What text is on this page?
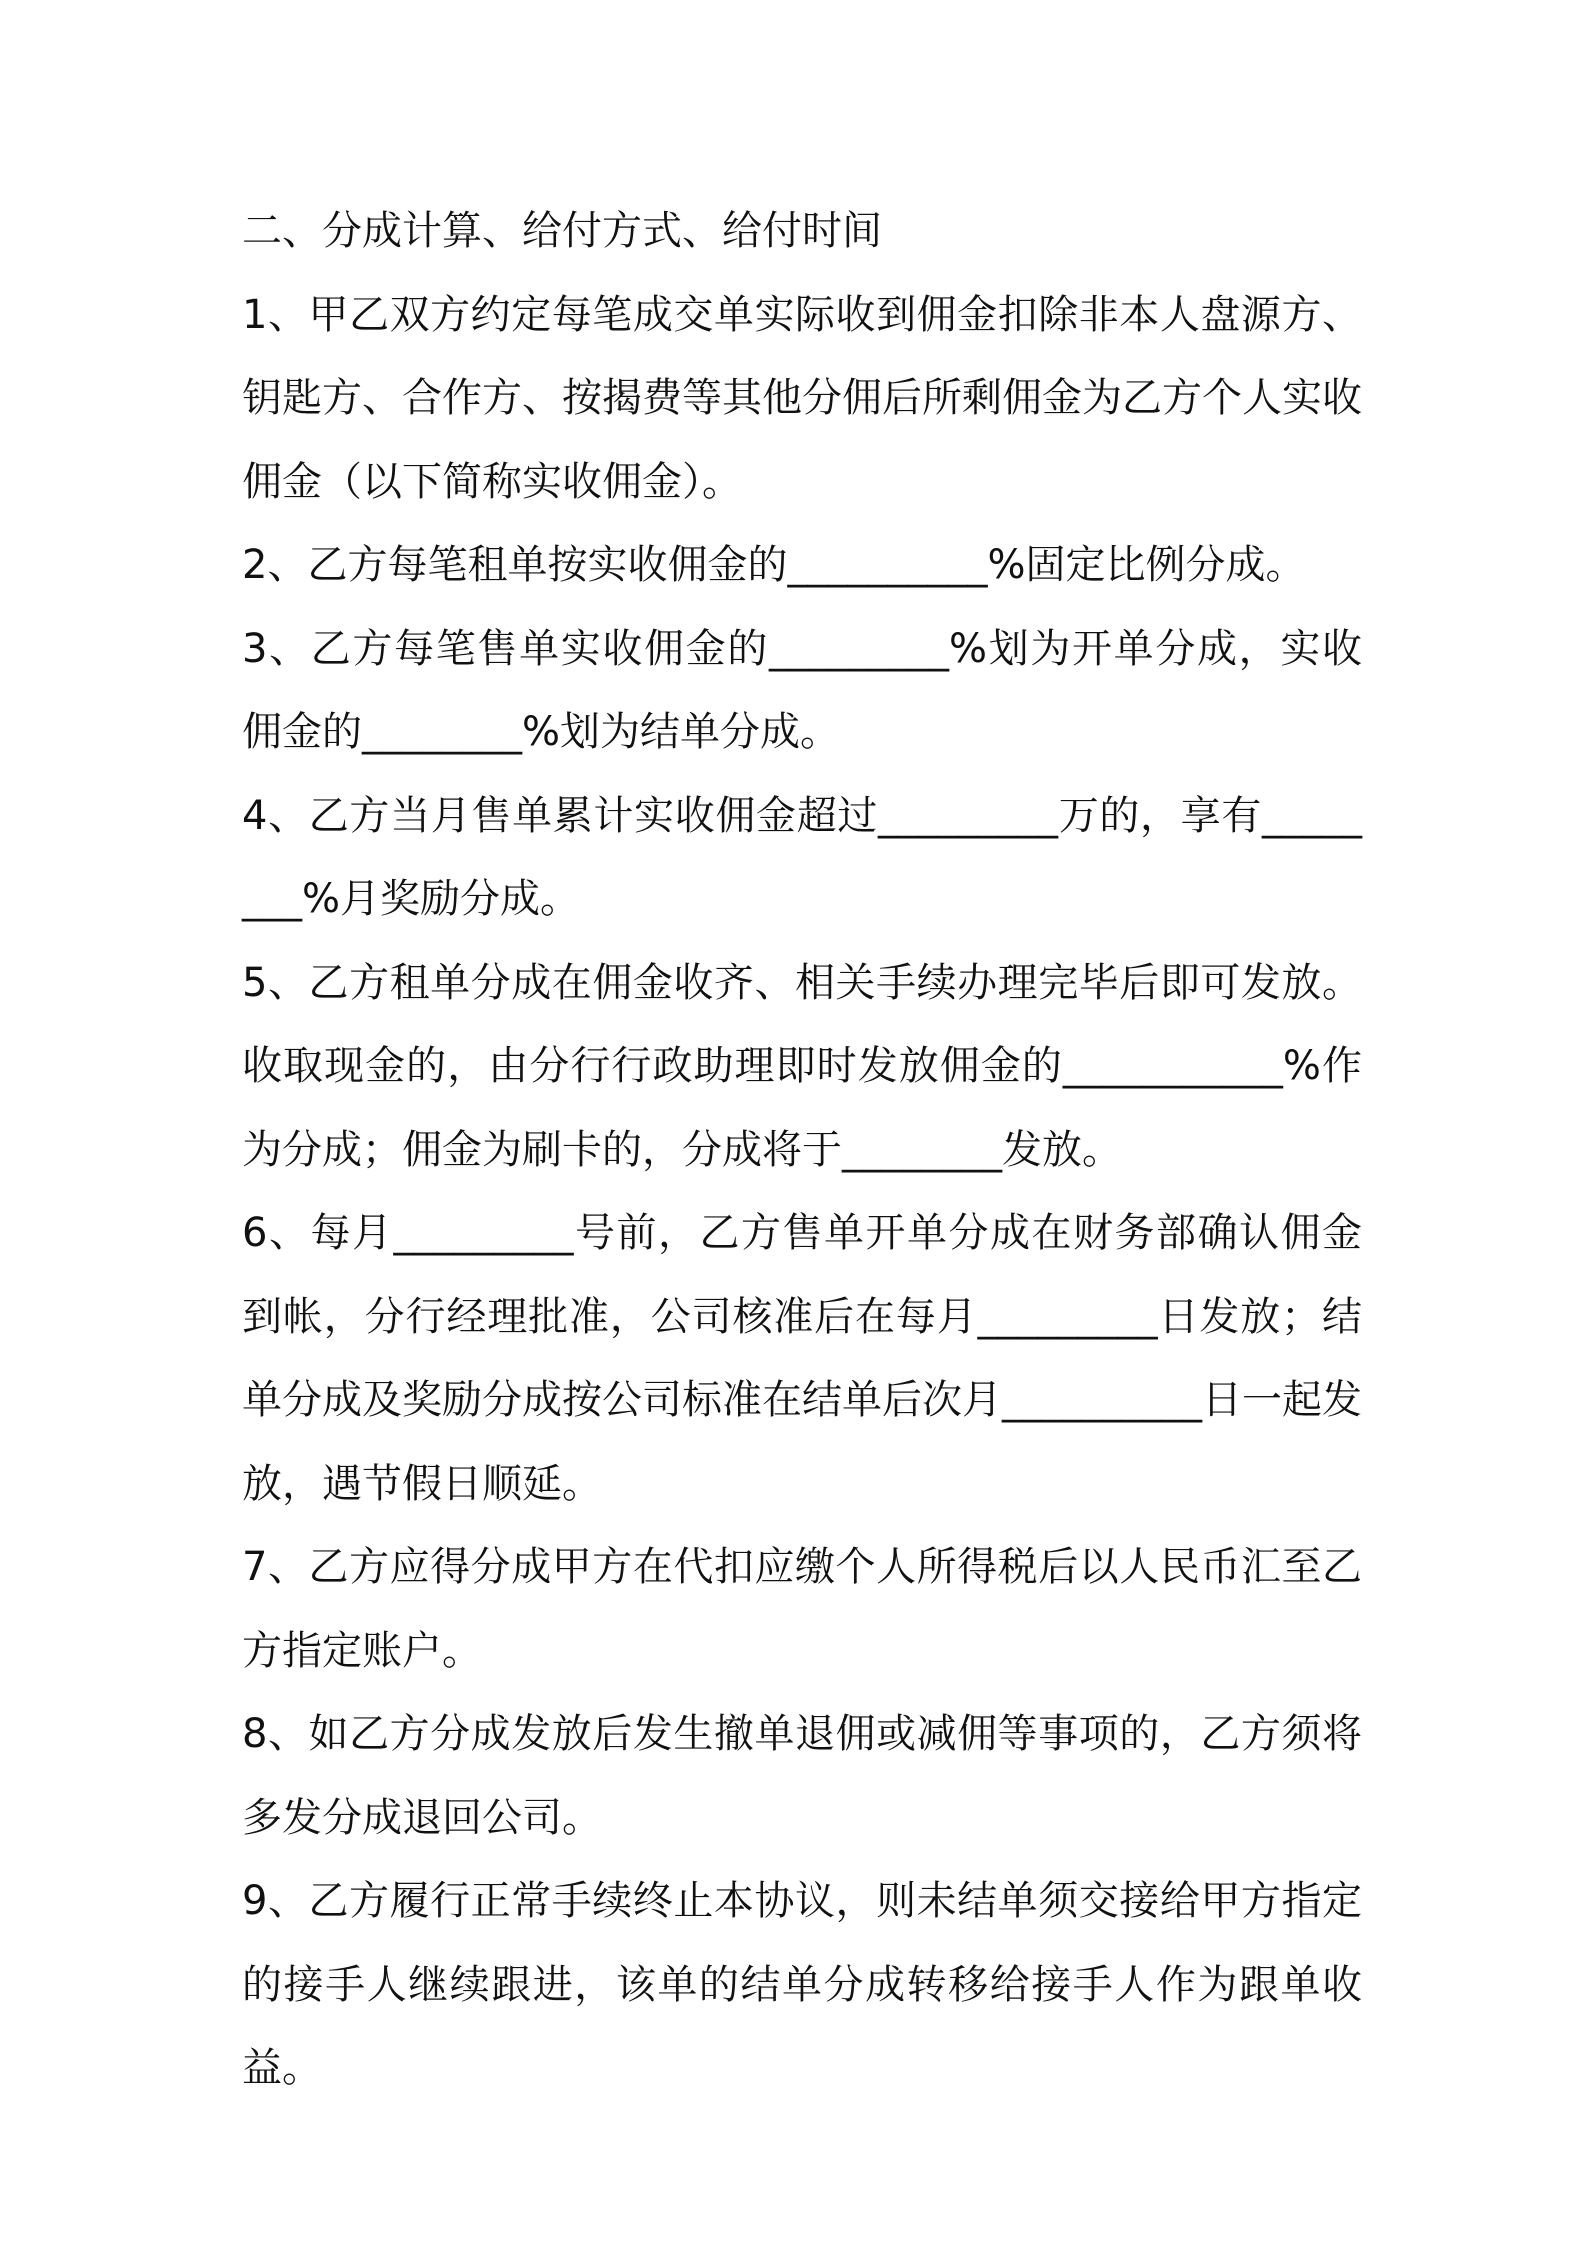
二、分成计算、给付方式、给付时间

1、甲乙双方约定每笔成交单实际收到佣金扣除非本人盘源方、钥匙方、合作方、按揭费等其他分佣后所剩佣金为乙方个人实收佣金（以下简称实收佣金）。

2、乙方每笔租单按实收佣金的__________%固定比例分成。

3、乙方每笔售单实收佣金的_________%划为开单分成，实收佣金的________%划为结单分成。

4、乙方当月售单累计实收佣金超过_________万的，享有________%月奖励分成。

5、乙方租单分成在佣金收齐、相关手续办理完毕后即可发放。收取现金的，由分行行政助理即时发放佣金的___________%作为分成；佣金为刷卡的，分成将于________发放。

6、每月_________号前，乙方售单开单分成在财务部确认佣金到帐，分行经理批准，公司核准后在每月_________日发放；结单分成及奖励分成按公司标准在结单后次月__________日一起发放，遇节假日顺延。

7、乙方应得分成甲方在代扣应缴个人所得税后以人民币汇至乙方指定账户。

8、如乙方分成发放后发生撤单退佣或减佣等事项的，乙方须将多发分成退回公司。

9、乙方履行正常手续终止本协议，则未结单须交接给甲方指定的接手人继续跟进，该单的结单分成转移给接手人作为跟单收益。
